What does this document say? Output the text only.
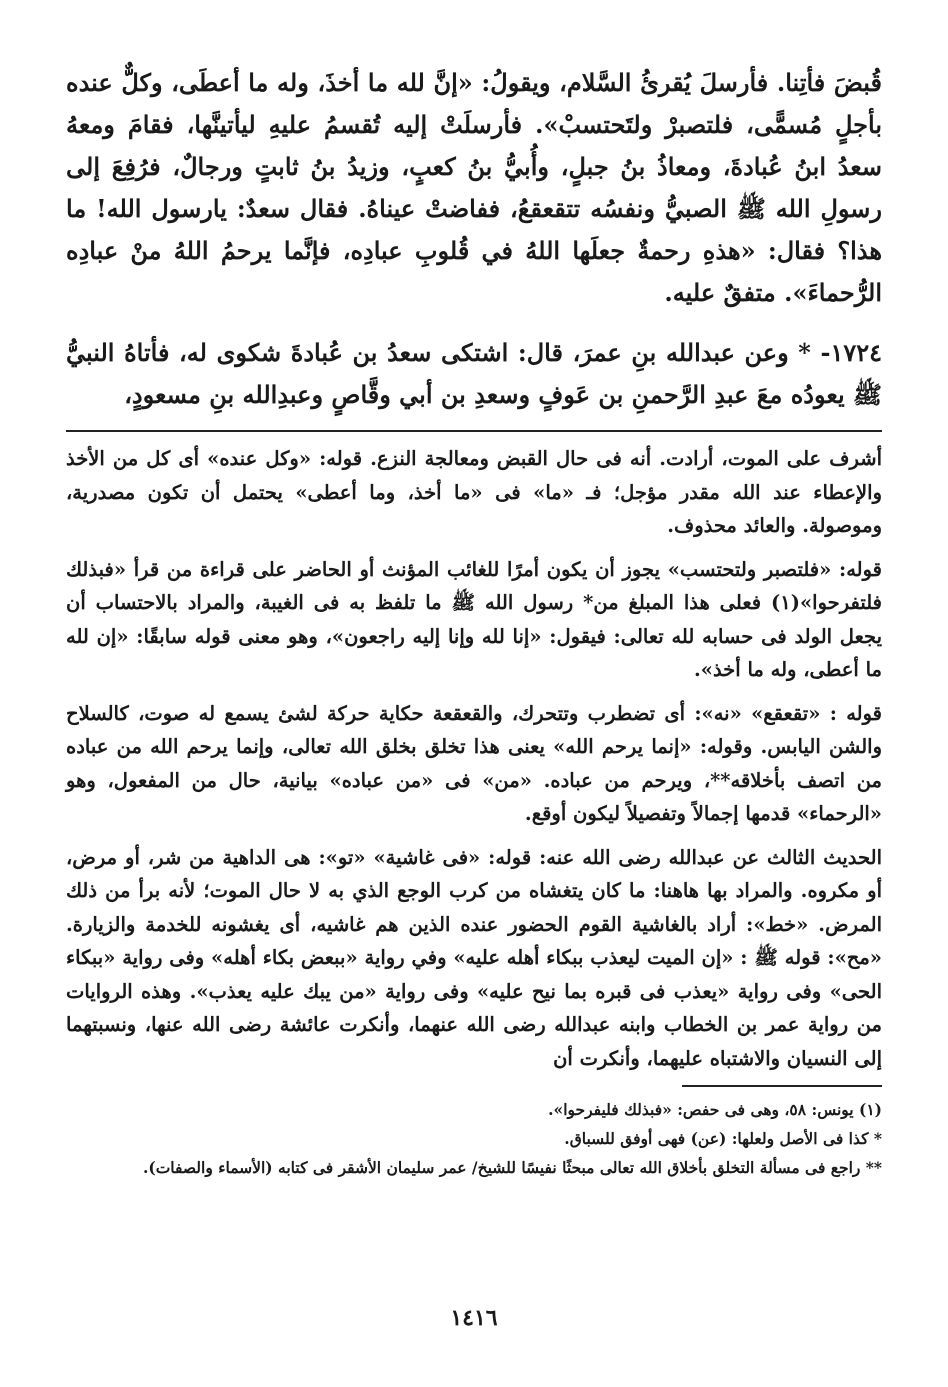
قُبضَ فأتِنا. فأرسلَ يُقرئُ السَّلام، ويقولُ: «إنَّ لله ما أخذَ، وله ما أعطَى، وكلٌّ عنده بأجلٍ مُسمًّى، فلتصبرْ ولتَحتسبْ». فأرسلَتْ إليه تُقسمُ عليهِ ليأتينَّها، فقامَ ومعهُ سعدُ ابنُ عُبادةَ، ومعاذُ بنُ جبلٍ، وأُبيُّ بنُ كعبٍ، وزيدُ بنُ ثابتٍ ورجالٌ، فرُفِعَ إلى رسولِ الله ﷺ الصبيُّ ونفسُه تتقعقعُ، ففاضتْ عيناهُ. فقال سعدٌ: يارسول الله! ما هذا؟ فقال: «هذهِ رحمةٌ جعلَها اللهُ في قُلوبِ عبادِه، فإنَّما يرحمُ اللهُ منْ عبادِه الرُّحماءَ». متفقٌ عليه.

١٧٢٤- * وعن عبدالله بنِ عمرَ، قال: اشتكى سعدُ بن عُبادةَ شكوى له، فأتاهُ النبيُّ ﷺ يعودُه معَ عبدِ الرَّحمنِ بن عَوفٍ وسعدِ بن أبي وقَّاصٍ وعبدِالله بنِ مسعودٍ،

أشرف على الموت، أرادت. أنه فى حال القبض ومعالجة النزع. قوله: «وكل عنده» أى كل من الأخذ والإعطاء عند الله مقدر مؤجل؛ فـ «ما» فى «ما أخذ، وما أعطى» يحتمل أن تكون مصدرية، وموصولة. والعائد محذوف.

قوله: «فلتصبر ولتحتسب» يجوز أن يكون أمرًا للغائب المؤنث أو الحاضر على قراءة من قرأ «فبذلك فلتفرحوا»(١) فعلى هذا المبلغ من* رسول الله ﷺ ما تلفظ به فى الغيبة، والمراد بالاحتساب أن يجعل الولد فى حسابه لله تعالى: فيقول: «إنا لله وإنا إليه راجعون»، وهو معنى قوله سابقًا: «إن لله ما أعطى، وله ما أخذ».

قوله : «تقعقع» «نه»: أى تضطرب وتتحرك، والقعقعة حكاية حركة لشئ يسمع له صوت، كالسلاح والشن اليابس. وقوله: «إنما يرحم الله» يعنى هذا تخلق بخلق الله تعالى، وإنما يرحم الله من عباده من اتصف بأخلاقه**، ويرحم من عباده. «من» فى «من عباده» بيانية، حال من المفعول، وهو «الرحماء» قدمها إجمالاً وتفصيلاً ليكون أوقع.

الحديث الثالث عن عبدالله رضى الله عنه: قوله: «فى غاشية» «تو»: هى الداهية من شر، أو مرض، أو مكروه. والمراد بها هاهنا: ما كان يتغشاه من كرب الوجع الذي به لا حال الموت؛ لأنه برأ من ذلك المرض. «خط»: أراد بالغاشية القوم الحضور عنده الذين هم غاشيه، أى يغشونه للخدمة والزيارة. «مح»: قوله ﷺ : «إن الميت ليعذب ببكاء أهله عليه» وفي رواية «ببعض بكاء أهله» وفى رواية «ببكاء الحى» وفى رواية «يعذب فى قبره بما نيح عليه» وفى رواية «من يبك عليه يعذب». وهذه الروايات من رواية عمر بن الخطاب وابنه عبدالله رضى الله عنهما، وأنكرت عائشة رضى الله عنها، ونسبتهما إلى النسيان والاشتباه عليهما، وأنكرت أن

(١) يونس: ٥٨، وهى فى حفص: «فبذلك فليفرحوا».

* كذا فى الأصل ولعلها: (عن) فهى أوفق للسباق.

** راجع فى مسألة التخلق بأخلاق الله تعالى مبحثًا نفيسًا للشيخ/ عمر سليمان الأشقر فى كتابه (الأسماء والصفات).

١٤١٦
